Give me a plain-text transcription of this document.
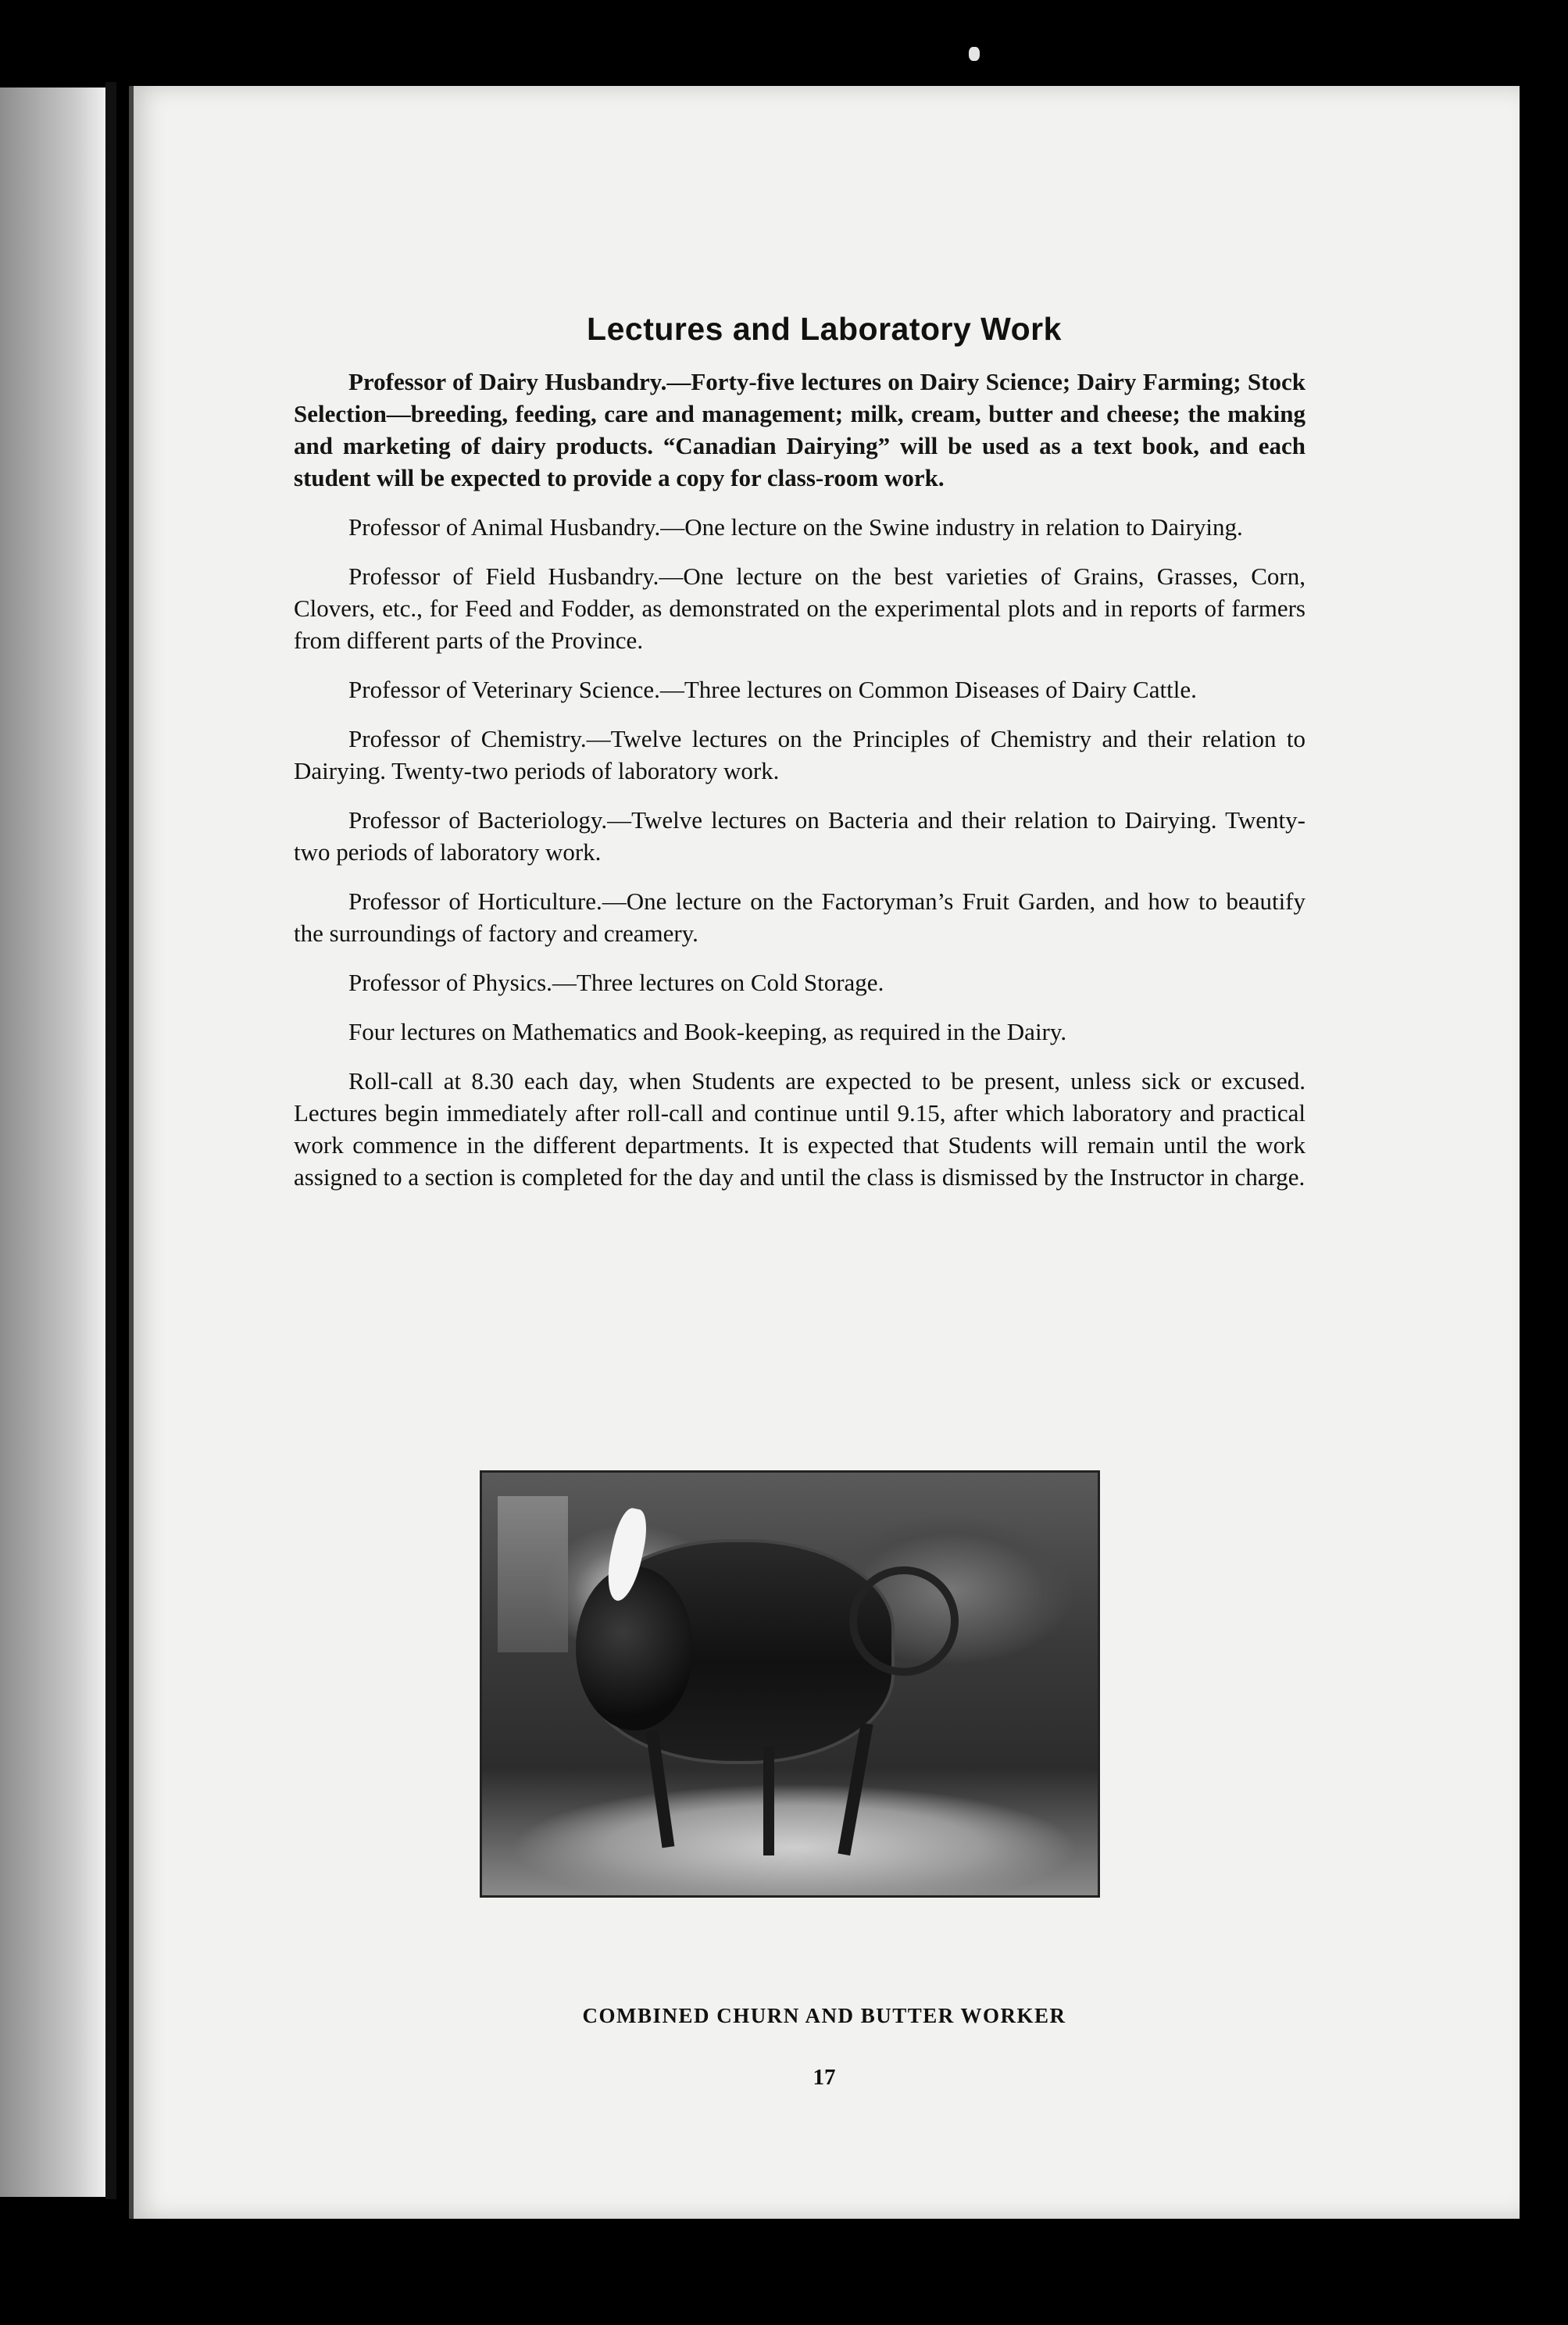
Lectures and Laboratory Work

Professor of Dairy Husbandry.—Forty-five lectures on Dairy Science; Dairy Farming; Stock Selection—breeding, feeding, care and management; milk, cream, butter and cheese; the making and marketing of dairy products. “Canadian Dairying” will be used as a text book, and each student will be expected to provide a copy for class-room work.

Professor of Animal Husbandry.—One lecture on the Swine industry in relation to Dairying.

Professor of Field Husbandry.—One lecture on the best varieties of Grains, Grasses, Corn, Clovers, etc., for Feed and Fodder, as demonstrated on the experimental plots and in reports of farmers from different parts of the Province.

Professor of Veterinary Science.—Three lectures on Common Diseases of Dairy Cattle.

Professor of Chemistry.—Twelve lectures on the Principles of Chemistry and their relation to Dairying. Twenty-two periods of laboratory work.

Professor of Bacteriology.—Twelve lectures on Bacteria and their relation to Dairying. Twenty-two periods of laboratory work.

Professor of Horticulture.—One lecture on the Factoryman’s Fruit Garden, and how to beautify the surroundings of factory and creamery.

Professor of Physics.—Three lectures on Cold Storage.

Four lectures on Mathematics and Book-keeping, as required in the Dairy.

Roll-call at 8.30 each day, when Students are expected to be present, unless sick or excused. Lectures begin immediately after roll-call and continue until 9.15, after which laboratory and practical work commence in the different departments. It is expected that Students will remain until the work assigned to a section is completed for the day and until the class is dismissed by the Instructor in charge.

COMBINED CHURN AND BUTTER WORKER
17
